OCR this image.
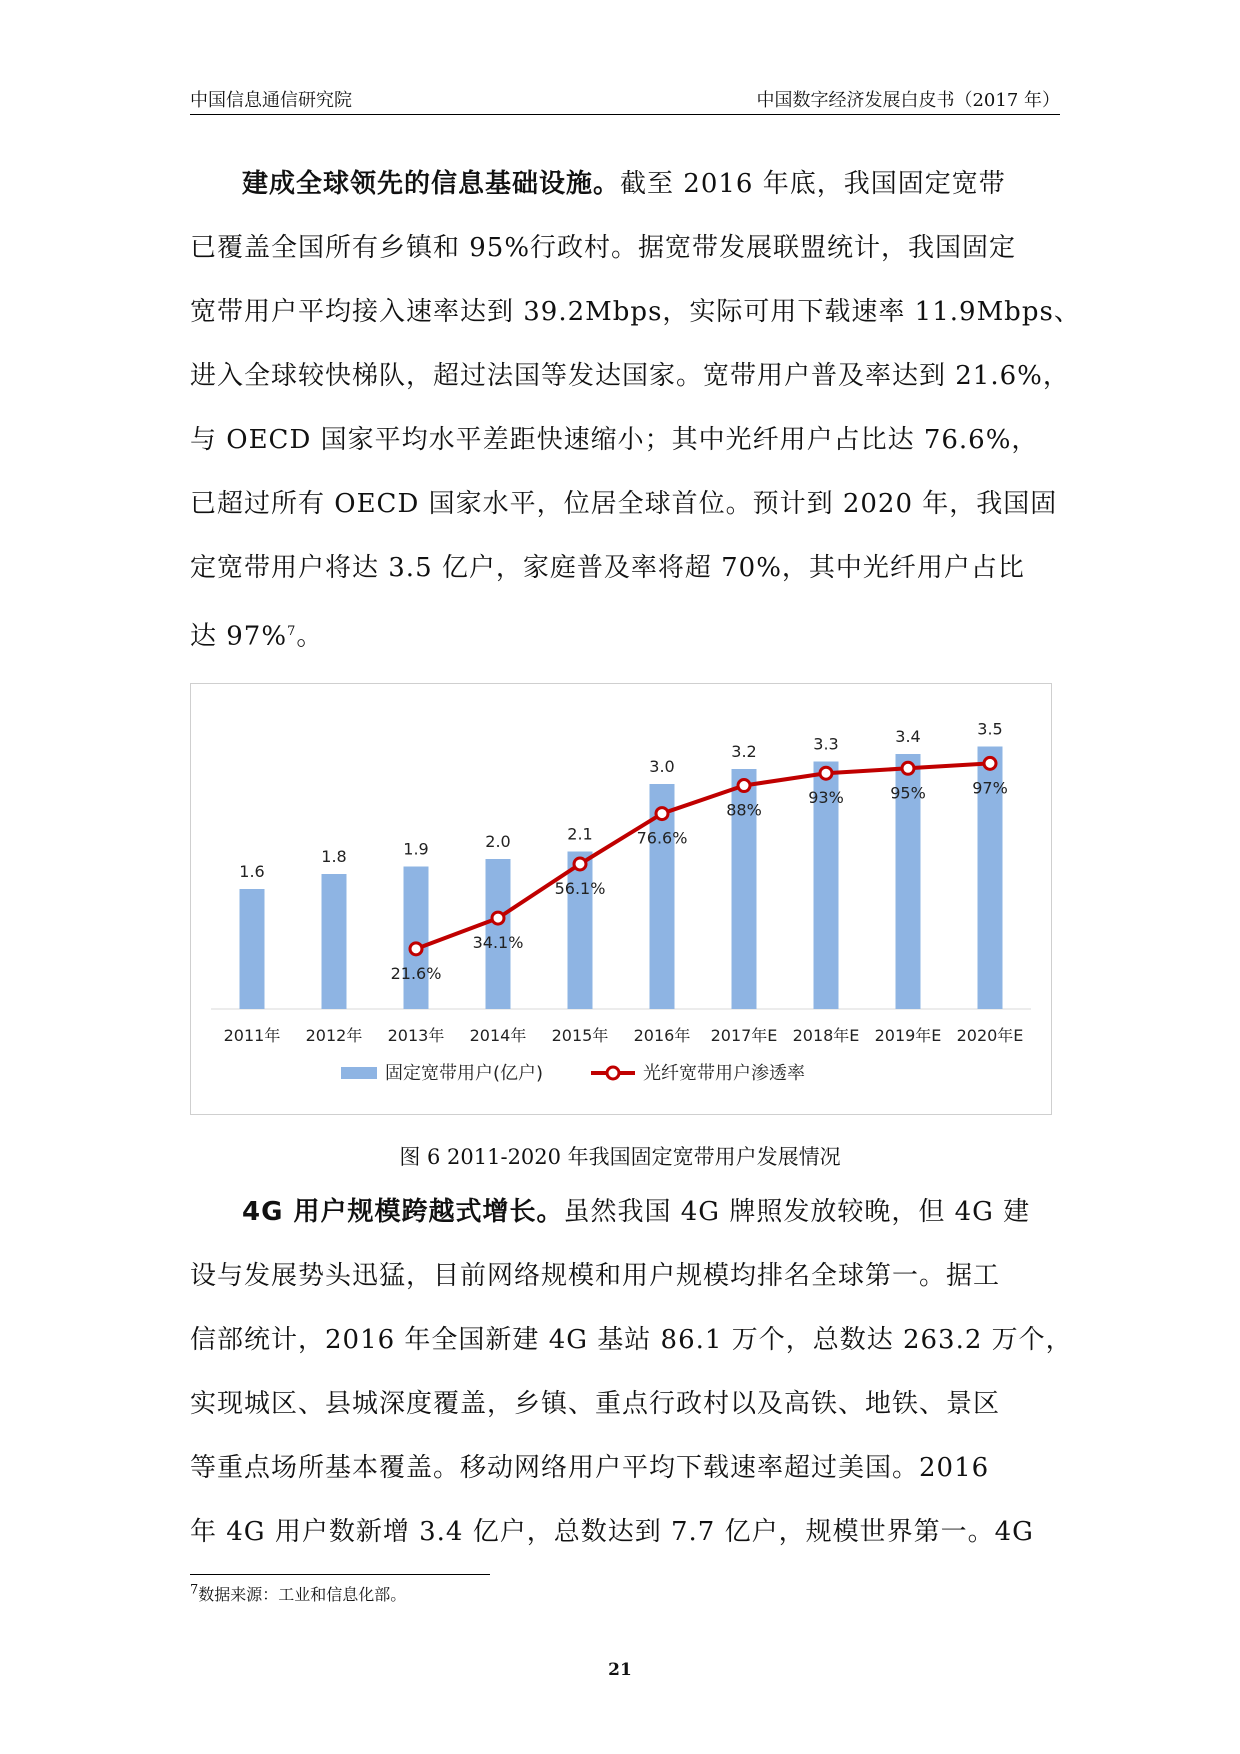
中国信息通信研究院	中国数字经济发展白皮书（2017 年）
建成全球领先的信息基础设施。截至 2016 年底，我国固定宽带
已覆盖全国所有乡镇和 95%行政村。据宽带发展联盟统计，我国固定
宽带用户平均接入速率达到 39.2Mbps，实际可用下载速率 11.9Mbps、
进入全球较快梯队，超过法国等发达国家。宽带用户普及率达到 21.6%，
与 OECD 国家平均水平差距快速缩小；其中光纤用户占比达 76.6%，
已超过所有 OECD 国家水平，位居全球首位。预计到 2020 年，我国固
定宽带用户将达 3.5 亿户，家庭普及率将超 70%，其中光纤用户占比
达 97%$^7$。
1.6
1.8	1.9	2.0	2.1
3.0
3.2	3.3	3.4	3.5
2011年 2012年 2013年 2014年 2015年 2016年 2017年E 2018年E 2019年E 2020年E
21.6%
34.1%
56.1%
76.6%
88%
93%	95%	97%
固定宽带用户(亿户)	光纤宽带用户渗透率
图 6 2011-2020 年我国固定宽带用户发展情况
4G 用户规模跨越式增长。虽然我国 4G 牌照发放较晚，但 4G 建
设与发展势头迅猛，目前网络规模和用户规模均排名全球第一。据工
信部统计，2016 年全国新建 4G 基站 86.1 万个，总数达 263.2 万个，
实现城区、县城深度覆盖，乡镇、重点行政村以及高铁、地铁、景区
等重点场所基本覆盖。移动网络用户平均下载速率超过美国。2016
年 4G 用户数新增 3.4 亿户，总数达到 7.7 亿户，规模世界第一。4G
$^7$数据来源：工业和信息化部。
21
